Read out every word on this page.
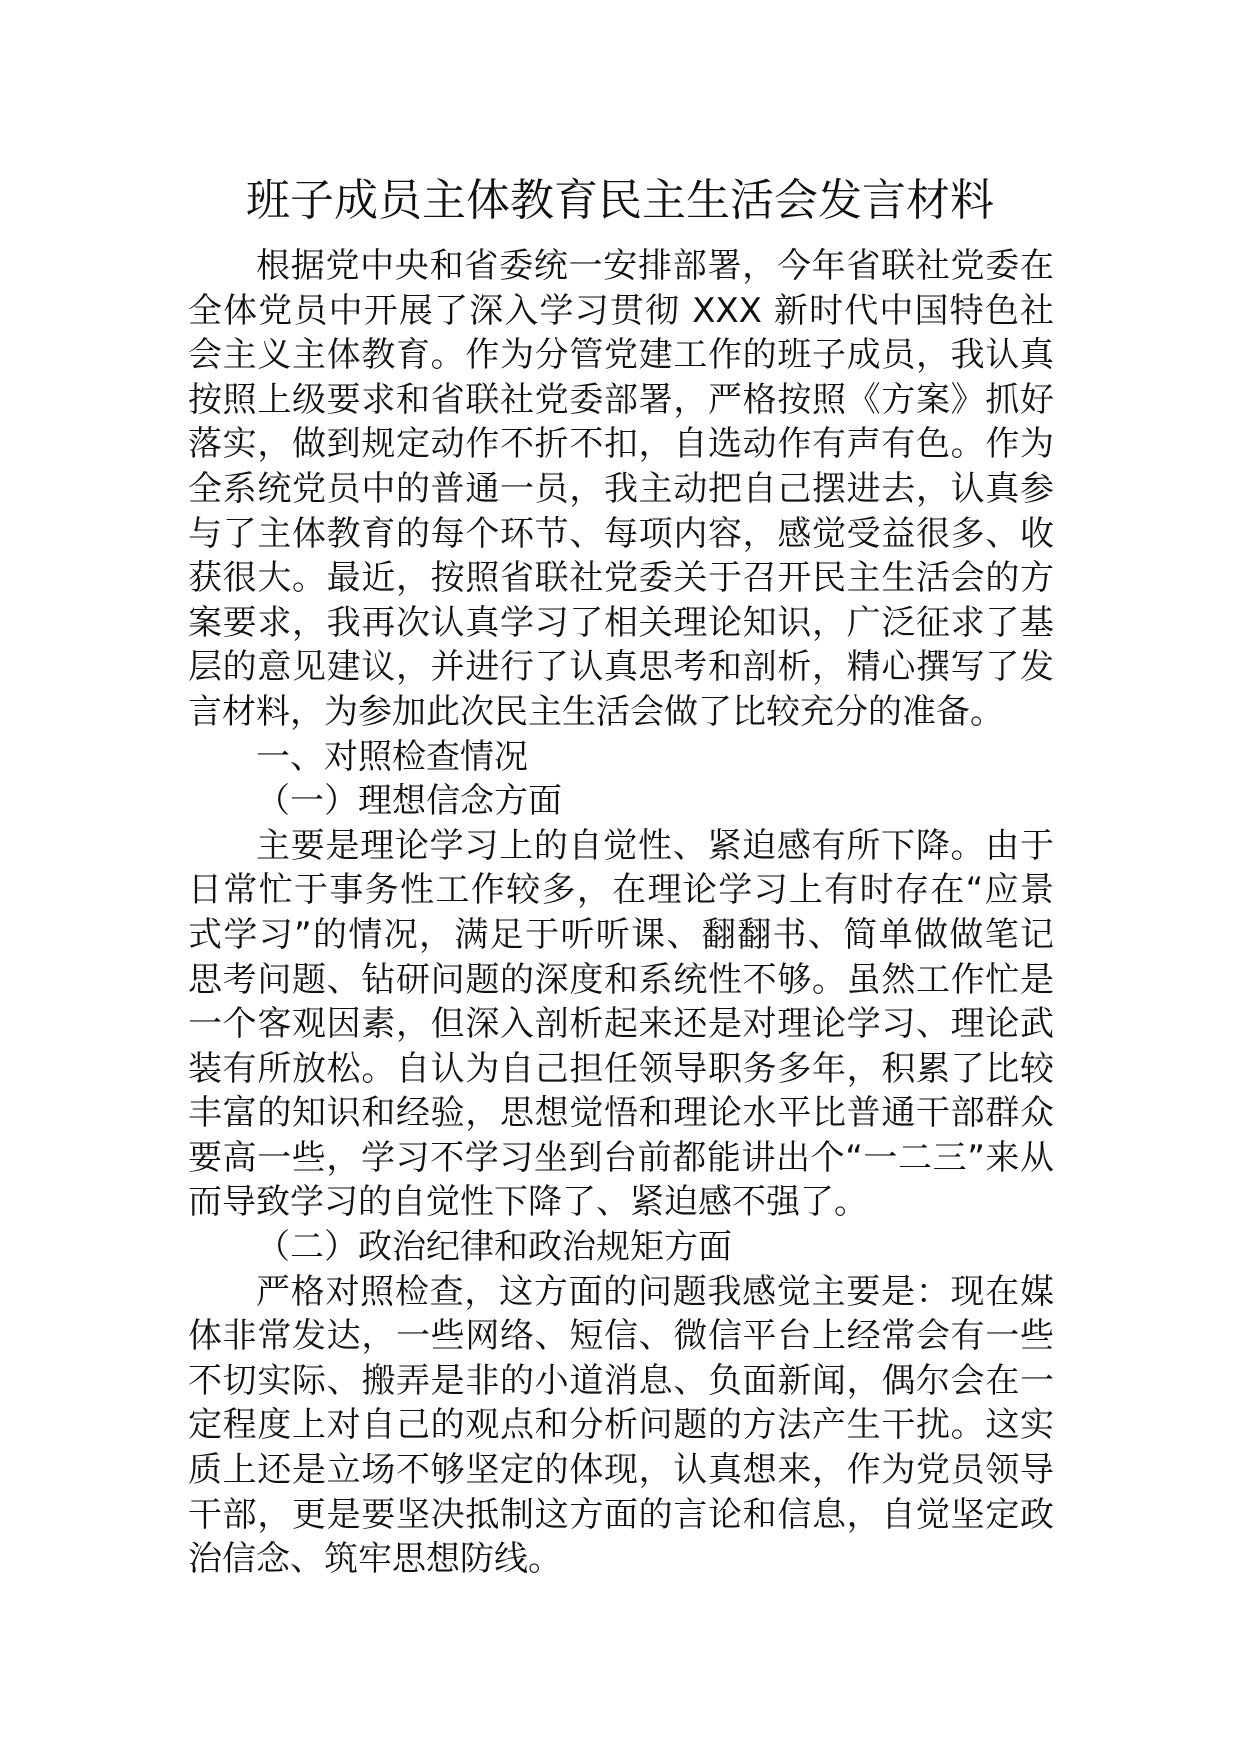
班子成员主体教育民主生活会发言材料

根据党中央和省委统一安排部署，今年省联社党委在全体党员中开展了深入学习贯彻 XXX 新时代中国特色社会主义主体教育。作为分管党建工作的班子成员，我认真按照上级要求和省联社党委部署，严格按照《方案》抓好落实，做到规定动作不折不扣，自选动作有声有色。作为全系统党员中的普通一员，我主动把自己摆进去，认真参与了主体教育的每个环节、每项内容，感觉受益很多、收获很大。最近，按照省联社党委关于召开民主生活会的方案要求，我再次认真学习了相关理论知识，广泛征求了基层的意见建议，并进行了认真思考和剖析，精心撰写了发言材料，为参加此次民主生活会做了比较充分的准备。

一、对照检查情况

（一）理想信念方面

主要是理论学习上的自觉性、紧迫感有所下降。由于日常忙于事务性工作较多，在理论学习上有时存在“应景式学习”的情况，满足于听听课、翻翻书、简单做做笔记思考问题、钻研问题的深度和系统性不够。虽然工作忙是一个客观因素，但深入剖析起来还是对理论学习、理论武装有所放松。自认为自己担任领导职务多年，积累了比较丰富的知识和经验，思想觉悟和理论水平比普通干部群众要高一些，学习不学习坐到台前都能讲出个“一二三”来从而导致学习的自觉性下降了、紧迫感不强了。

（二）政治纪律和政治规矩方面

严格对照检查，这方面的问题我感觉主要是：现在媒体非常发达，一些网络、短信、微信平台上经常会有一些不切实际、搬弄是非的小道消息、负面新闻，偶尔会在一定程度上对自己的观点和分析问题的方法产生干扰。这实质上还是立场不够坚定的体现，认真想来，作为党员领导干部，更是要坚决抵制这方面的言论和信息，自觉坚定政治信念、筑牢思想防线。
